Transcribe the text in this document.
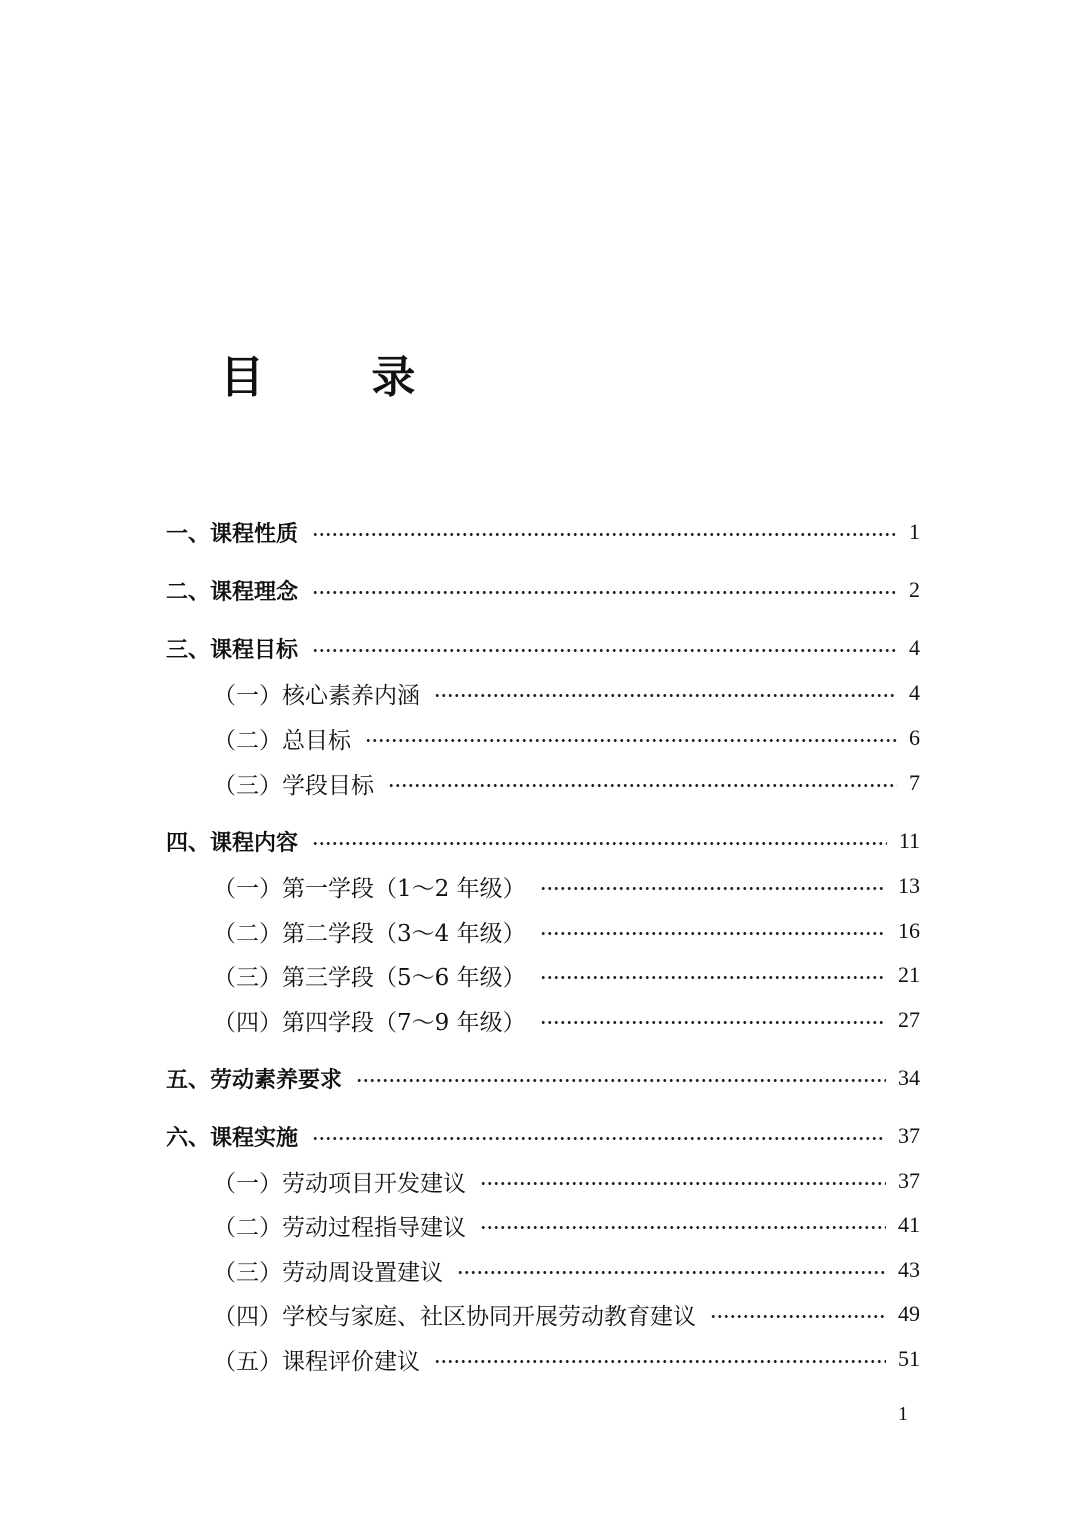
目 录
一、课程性质	1
二、课程理念	2
三、课程目标	4
（一）核心素养内涵	4
（二）总目标	6
（三）学段目标	7
四、课程内容	11
（一）第一学段（1～2 年级）	13
（二）第二学段（3～4 年级）	16
（三）第三学段（5～6 年级）	21
（四）第四学段（7～9 年级）	27
五、劳动素养要求	34
六、课程实施	37
（一）劳动项目开发建议	37
（二）劳动过程指导建议	41
（三）劳动周设置建议	43
（四）学校与家庭、社区协同开展劳动教育建议	49
（五）课程评价建议	51
1
